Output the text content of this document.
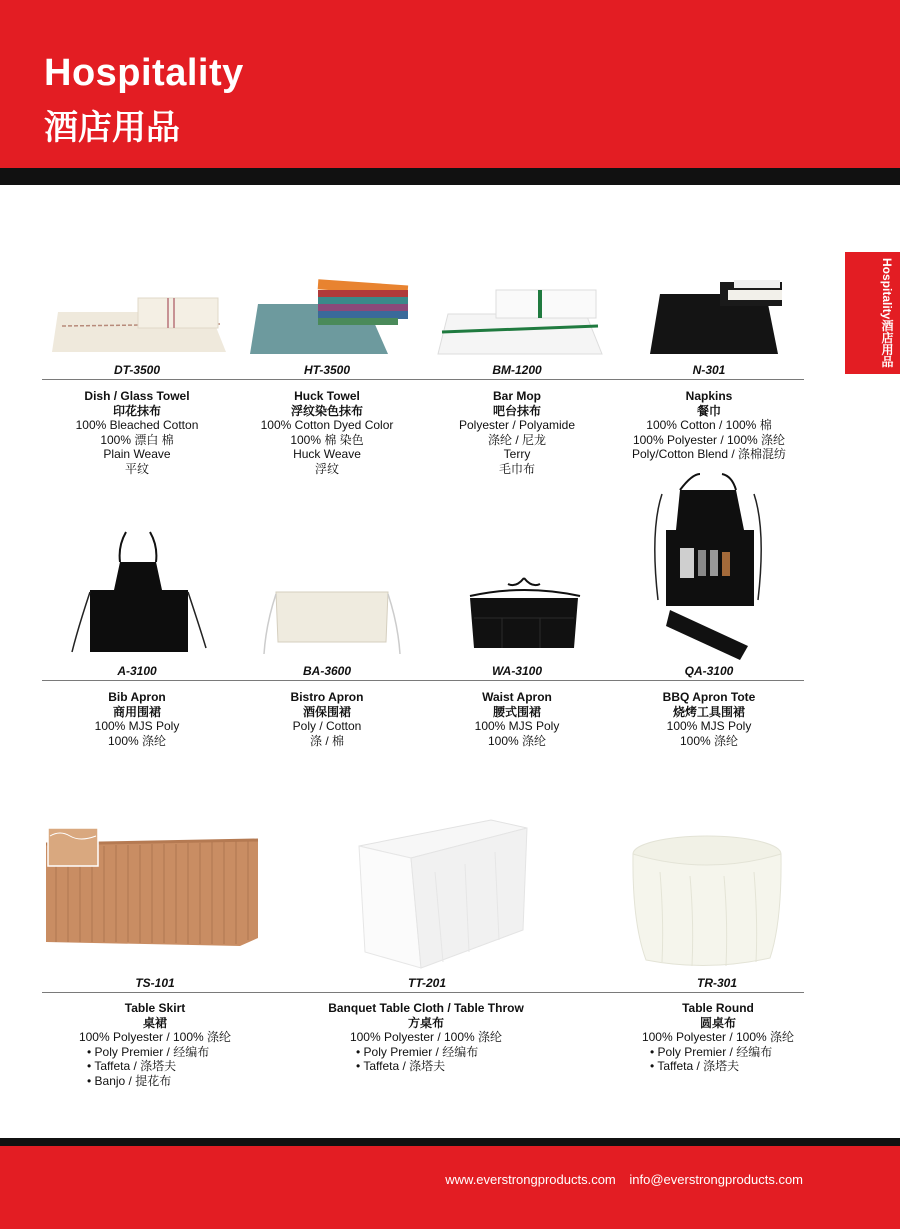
Hospitality
酒店用品
Hospitality酒店用品
DT-3500	HT-3500	BM-1200	N-301
Dish / Glass Towel
印花抹布
100% Bleached Cotton
100% 漂白 棉
Plain Weave
平纹
Huck Towel
浮纹染色抹布
100% Cotton Dyed Color
100% 棉 染色
Huck Weave
浮纹
Bar Mop
吧台抹布
Polyester / Polyamide
涤纶 / 尼龙
Terry
毛巾布
Napkins
餐巾
100% Cotton / 100% 棉
100% Polyester / 100% 涤纶
Poly/Cotton Blend / 涤棉混纺
A-3100	BA-3600	WA-3100	QA-3100
Bib Apron
商用围裙
100% MJS Poly
100% 涤纶
Bistro Apron
酒保围裙
Poly / Cotton
涤 / 棉
Waist Apron
腰式围裙
100% MJS Poly
100% 涤纶
BBQ Apron Tote
烧烤工具围裙
100% MJS Poly
100% 涤纶
TS-101	TT-201	TR-301
Table Skirt
桌裙
100% Polyester / 100% 涤纶
• Poly Premier / 经编布
• Taffeta / 涤塔夫
• Banjo / 提花布
Banquet Table Cloth / Table Throw
方桌布
100% Polyester / 100% 涤纶
• Poly Premier / 经编布
• Taffeta / 涤塔夫
Table Round
圆桌布
100% Polyester / 100% 涤纶
• Poly Premier / 经编布
• Taffeta / 涤塔夫
www.everstrongproducts.com info@everstrongproducts.com
